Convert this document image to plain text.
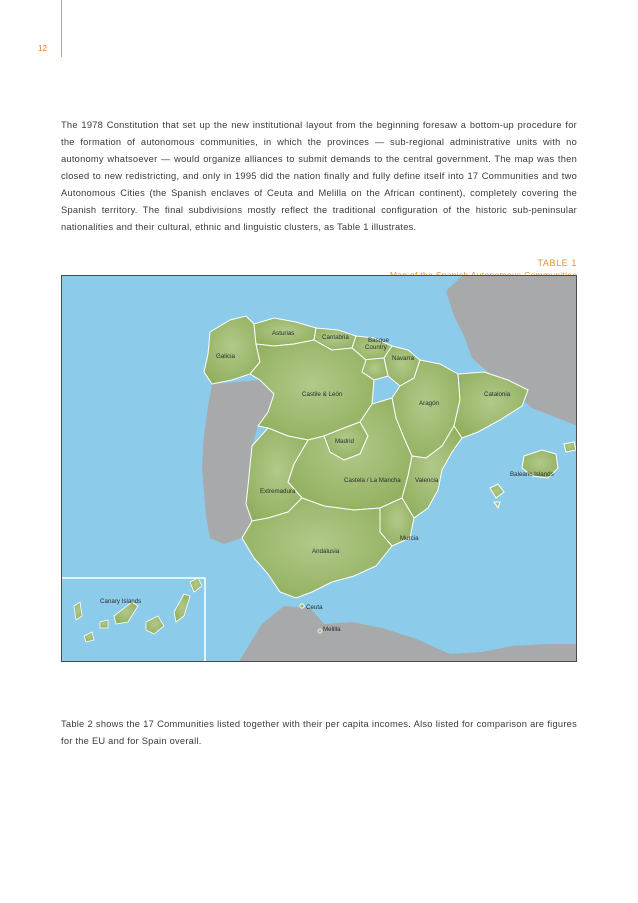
12

The 1978 Constitution that set up the new institutional layout from the beginning foresaw a bottom-up procedure for the formation of autonomous communities, in which the provinces — sub-regional administrative units with no autonomy whatsoever — would organize alliances to submit demands to the central government. The map was then closed to new redistricting, and only in 1995 did the nation finally and fully define itself into 17 Communities and two Autonomous Cities (the Spanish enclaves of Ceuta and Melilla on the African continent), completely covering the Spanish territory. The final subdivisions mostly reflect the traditional configuration of the historic sub-peninsular nationalities and their cultural, ethnic and linguistic clusters, as Table 1 illustrates.

TABLE 1
Galicia
Asturias
Cantabria	Basque
Country
Navarra
Castile & León
Aragón
Catalonia
Madrid
Castela / La Mancha Valencia
Balearic Islands
Extremadura
Murcia
Andalusia
Canary Islands
Ceuta
Melilla

Table 2 shows the 17 Communities listed together with their per capita incomes. Also listed for comparison are figures for the EU and for Spain overall.
